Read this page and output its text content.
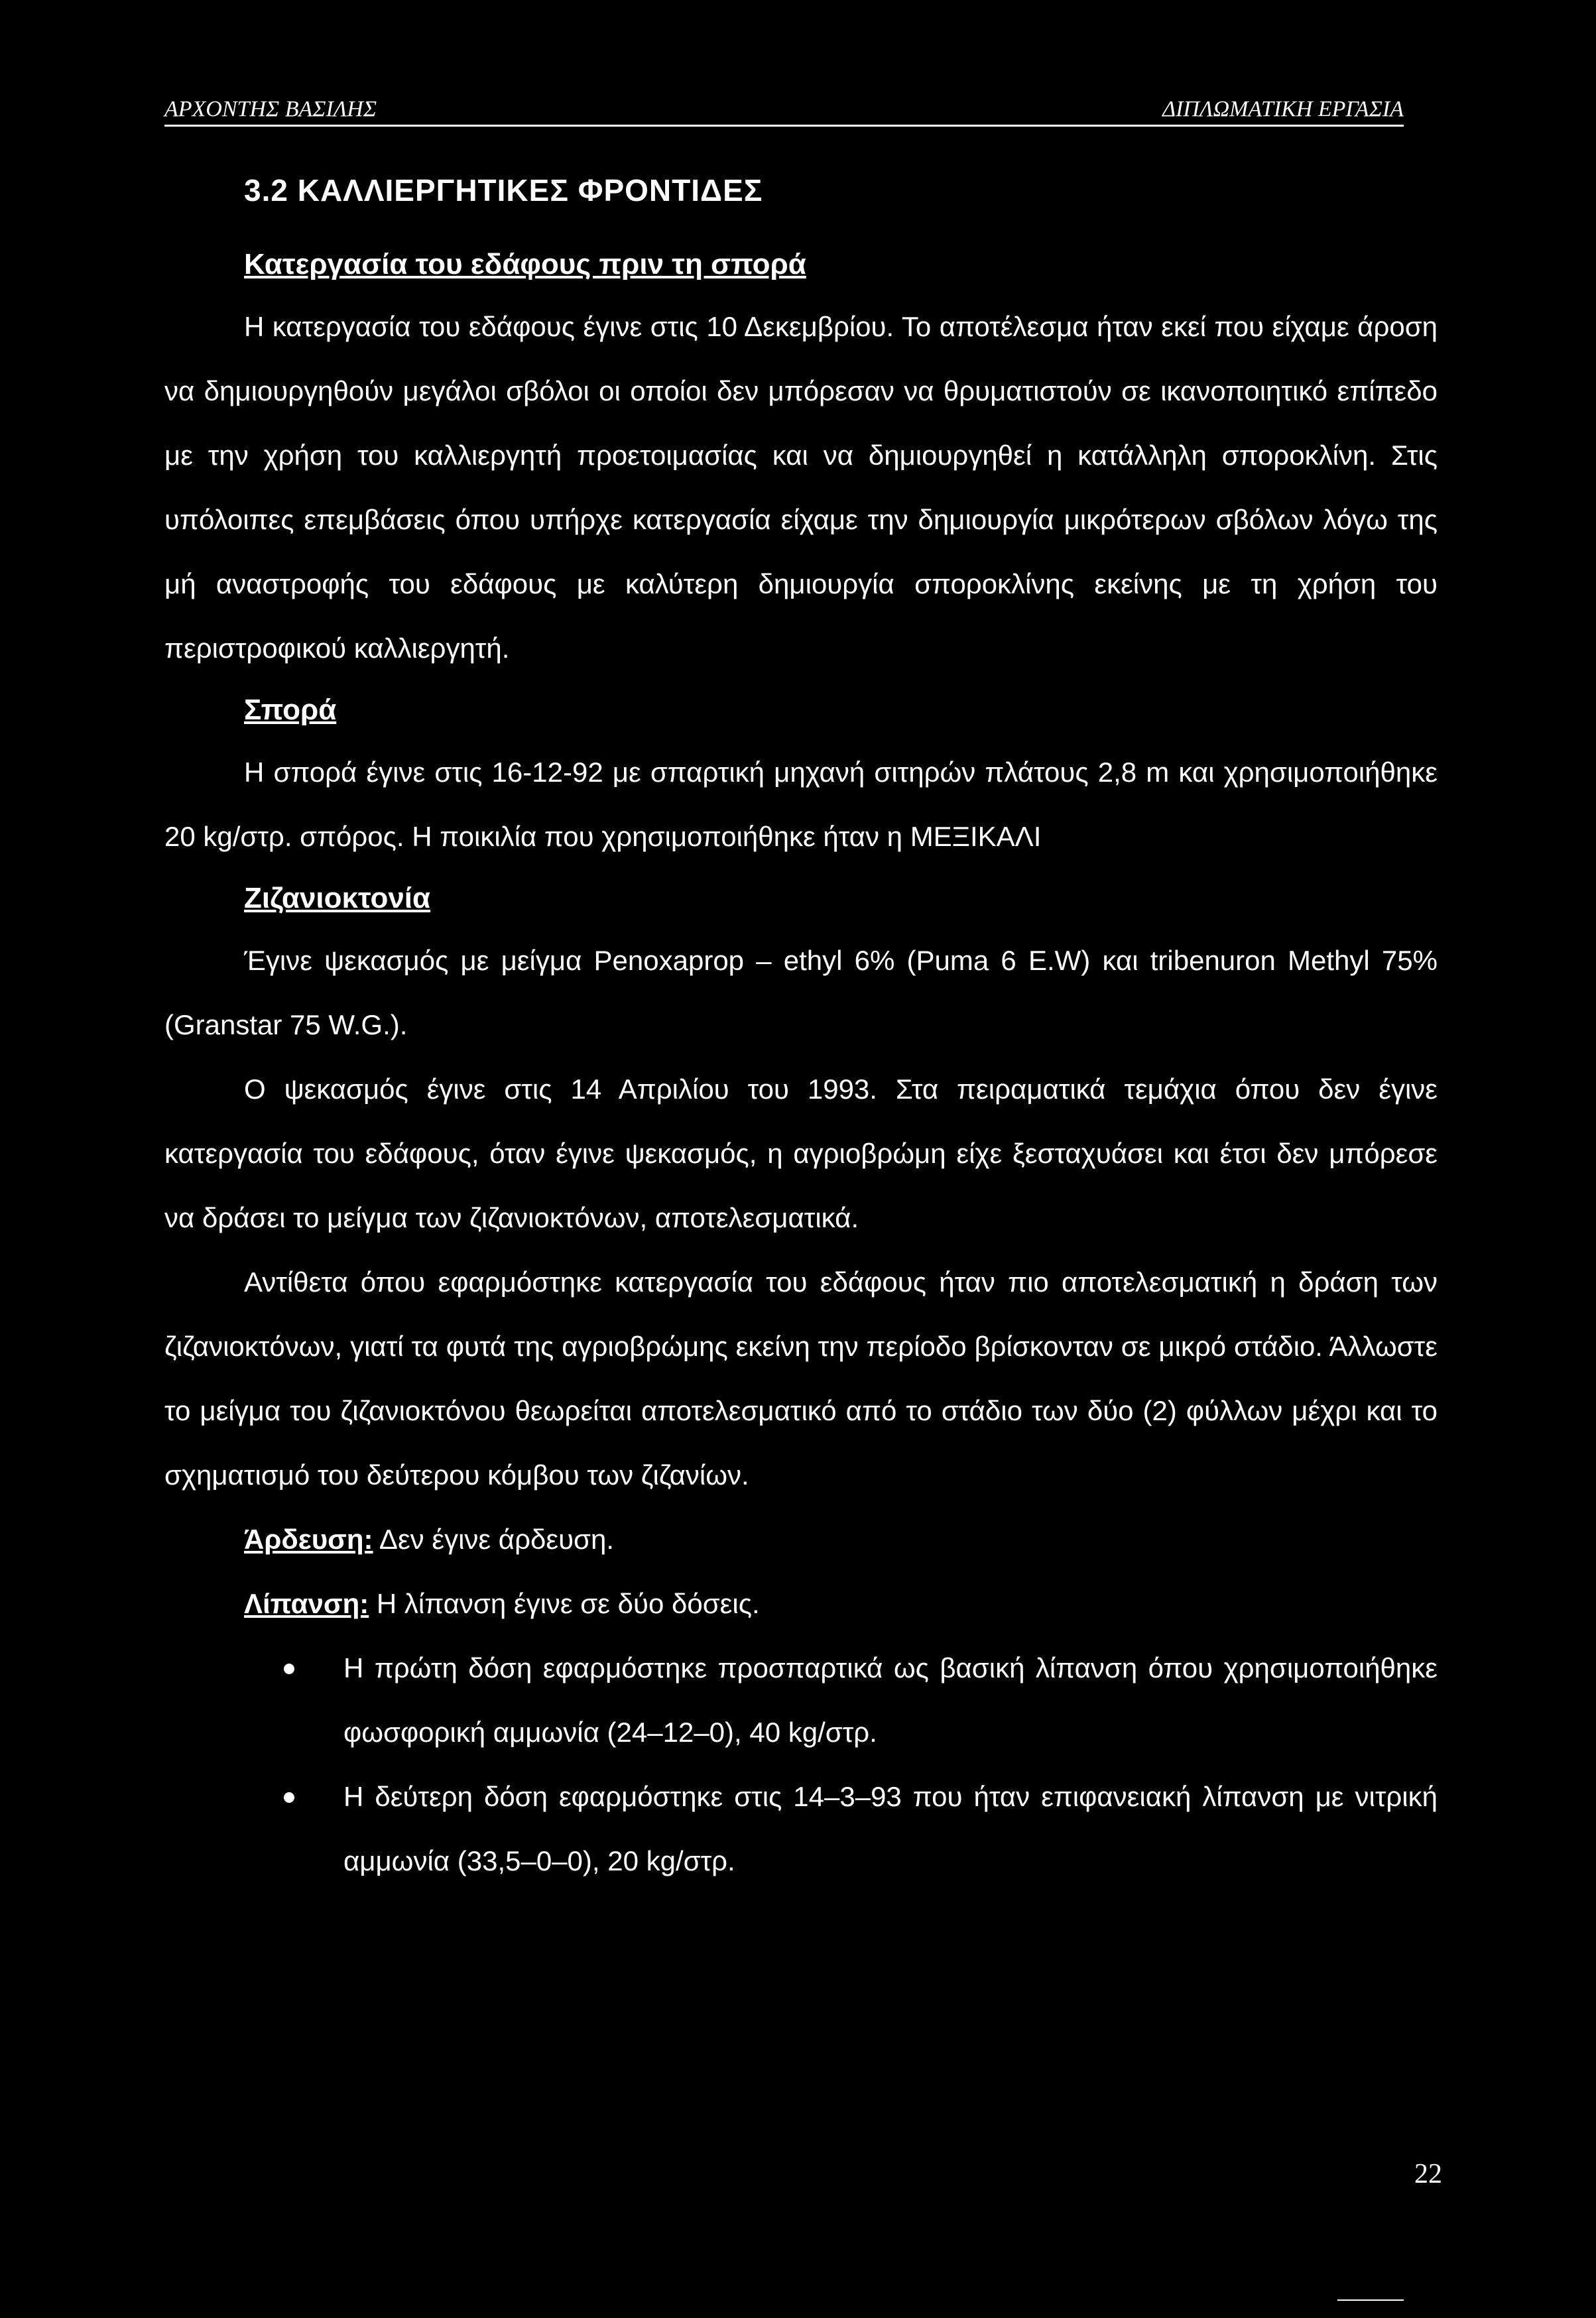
ΑΡΧΟΝΤΗΣ ΒΑΣΙΛΗΣ	ΔΙΠΛΩΜΑΤΙΚΗ ΕΡΓΑΣΙΑ
3.2 ΚΑΛΛΙΕΡΓΗΤΙΚΕΣ ΦΡΟΝΤΙΔΕΣ
Κατεργασία του εδάφους πριν τη σπορά

Η κατεργασία του εδάφους έγινε στις 10 Δεκεμβρίου. Το αποτέλεσμα ήταν εκεί που είχαμε άροση να δημιουργηθούν μεγάλοι σβόλοι οι οποίοι δεν μπόρεσαν να θρυματιστούν σε ικανοποιητικό επίπεδο με την χρήση του καλλιεργητή προετοιμασίας και να δημιουργηθεί η κατάλληλη σπορoκλίνη. Στις υπόλοιπες επεμβάσεις όπου υπήρχε κατεργασία είχαμε την δημιουργία μικρότερων σβόλων λόγω της μή αναστροφής του εδάφους με καλύτερη δημιουργία σποροκλίνης εκείνης με τη χρήση του περιστροφικού καλλιεργητή.

Σπορά

Η σπορά έγινε στις 16-12-92 με σπαρτική μηχανή σιτηρών πλάτους 2,8 m και χρησιμοποιήθηκε 20 kg/στρ. σπόρος. Η ποικιλία που χρησιμοποιήθηκε ήταν η ΜΕΞΙΚΑΛΙ

Ζιζανιοκτονία

Έγινε ψεκασμός με μείγμα Penoxaprop – ethyl 6% (Puma 6 E.W) και tribenuron Methyl 75% (Granstar 75 W.G.).

Ο ψεκασμός έγινε στις 14 Απριλίου του 1993. Στα πειραματικά τεμάχια όπου δεν έγινε κατεργασία του εδάφους, όταν έγινε ψεκασμός, η αγριοβρώμη είχε ξεσταχυάσει και έτσι δεν μπόρεσε να δράσει το μείγμα των ζιζανιοκτόνων, αποτελεσματικά.

Αντίθετα όπου εφαρμόστηκε κατεργασία του εδάφους ήταν πιο αποτελεσματική η δράση των ζιζανιοκτόνων, γιατί τα φυτά της αγριοβρώμης εκείνη την περίοδο βρίσκονταν σε μικρό στάδιο. Άλλωστε το μείγμα του ζιζανιοκτόνου θεωρείται αποτελεσματικό από το στάδιο των δύο (2) φύλλων μέχρι και το σχηματισμό του δεύτερου κόμβου των ζιζανίων.

Άρδευση: Δεν έγινε άρδευση.
Λίπανση: Η λίπανση έγινε σε δύο δόσεις.
Η πρώτη δόση εφαρμόστηκε προσπαρτικά ως βασική λίπανση όπου χρησιμοποιήθηκε φωσφορική αμμωνία (24–12–0), 40 kg/στρ.
Η δεύτερη δόση εφαρμόστηκε στις 14–3–93 που ήταν επιφανειακή λίπανση με νιτρική αμμωνία (33,5–0–0), 20 kg/στρ.
22
